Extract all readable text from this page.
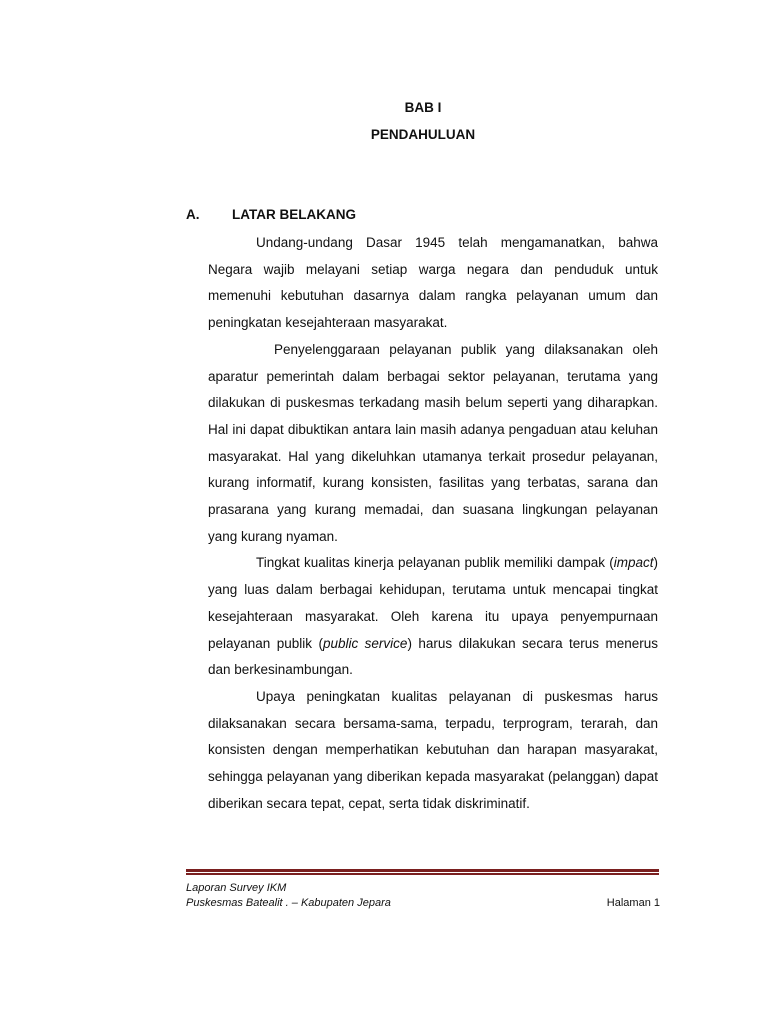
BAB I
PENDAHULUAN
A. LATAR BELAKANG

Undang-undang Dasar 1945 telah mengamanatkan, bahwa Negara wajib melayani setiap warga negara dan penduduk untuk memenuhi kebutuhan dasarnya dalam rangka pelayanan umum dan peningkatan kesejahteraan masyarakat.

Penyelenggaraan pelayanan publik yang dilaksanakan oleh aparatur pemerintah dalam berbagai sektor pelayanan, terutama yang dilakukan di puskesmas terkadang masih belum seperti yang diharapkan. Hal ini dapat dibuktikan antara lain masih adanya pengaduan atau keluhan masyarakat. Hal yang dikeluhkan utamanya terkait prosedur pelayanan, kurang informatif, kurang konsisten, fasilitas yang terbatas, sarana dan prasarana yang kurang memadai, dan suasana lingkungan pelayanan yang kurang nyaman.

Tingkat kualitas kinerja pelayanan publik memiliki dampak (impact) yang luas dalam berbagai kehidupan, terutama untuk mencapai tingkat kesejahteraan masyarakat. Oleh karena itu upaya penyempurnaan pelayanan publik (public service) harus dilakukan secara terus menerus dan berkesinambungan.

Upaya peningkatan kualitas pelayanan di puskesmas harus dilaksanakan secara bersama-sama, terpadu, terprogram, terarah, dan konsisten dengan memperhatikan kebutuhan dan harapan masyarakat, sehingga pelayanan yang diberikan kepada masyarakat (pelanggan) dapat diberikan secara tepat, cepat, serta tidak diskriminatif.

Laporan Survey IKM
Puskesmas Batealit . – Kabupaten Jepara	Halaman 1
